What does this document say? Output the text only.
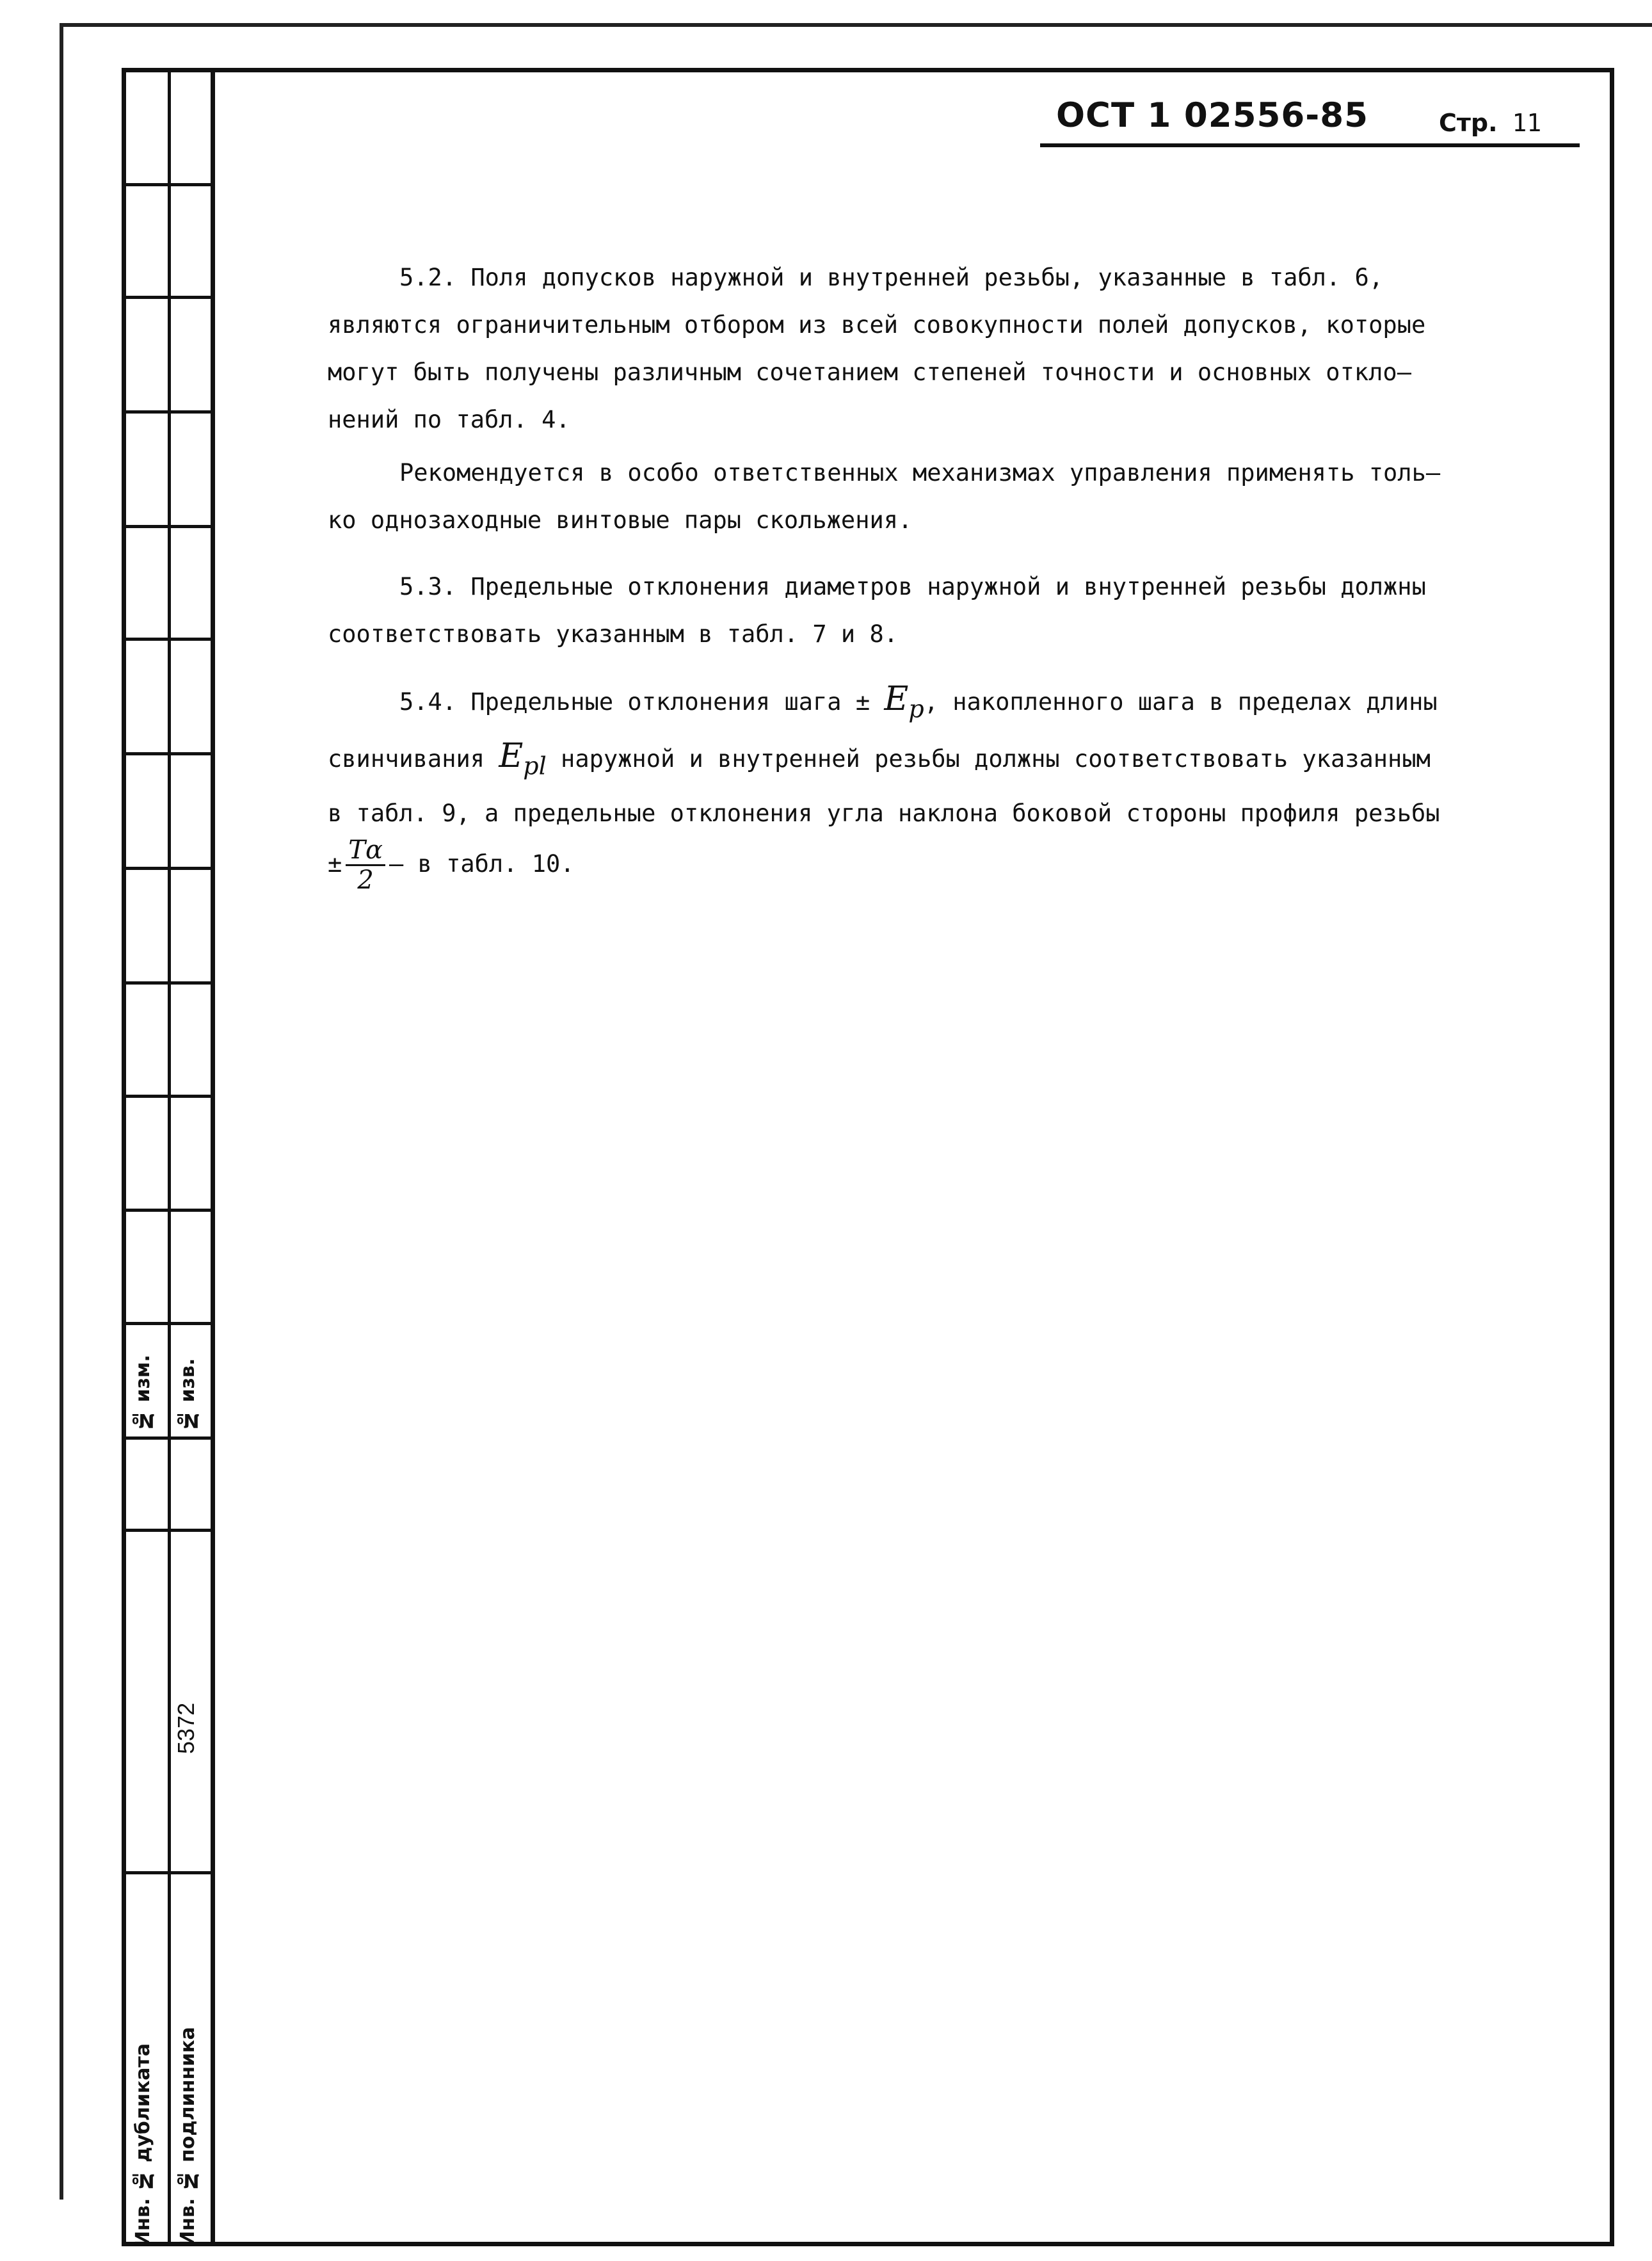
№ изм. № изв.
5372
Инв. № дубликата Инв. № подлинника
ОСТ 1 02556-85	Стр. 11
5.2. Поля допусков наружной и внутренней резьбы, указанные в табл. 6,
являются ограничительным отбором из всей совокупности полей допусков, которые
могут быть получены различным сочетанием степеней точности и основных откло–
нений по табл. 4.
Рекомендуется в особо ответственных механизмах управления применять толь–
ко однозаходные винтовые пары скольжения.
5.3. Предельные отклонения диаметров наружной и внутренней резьбы должны
соответствовать указанным в табл. 7 и 8.
5.4. Предельные отклонения шага ± $E_p$, накопленного шага в пределах длины
свинчивания $E_{pl}$ наружной и внутренней резьбы должны соответствовать указанным
в табл. 9, а предельные отклонения угла наклона боковой стороны профиля резьбы
± $\frac{T\alpha}{2}$ – в табл. 10.
